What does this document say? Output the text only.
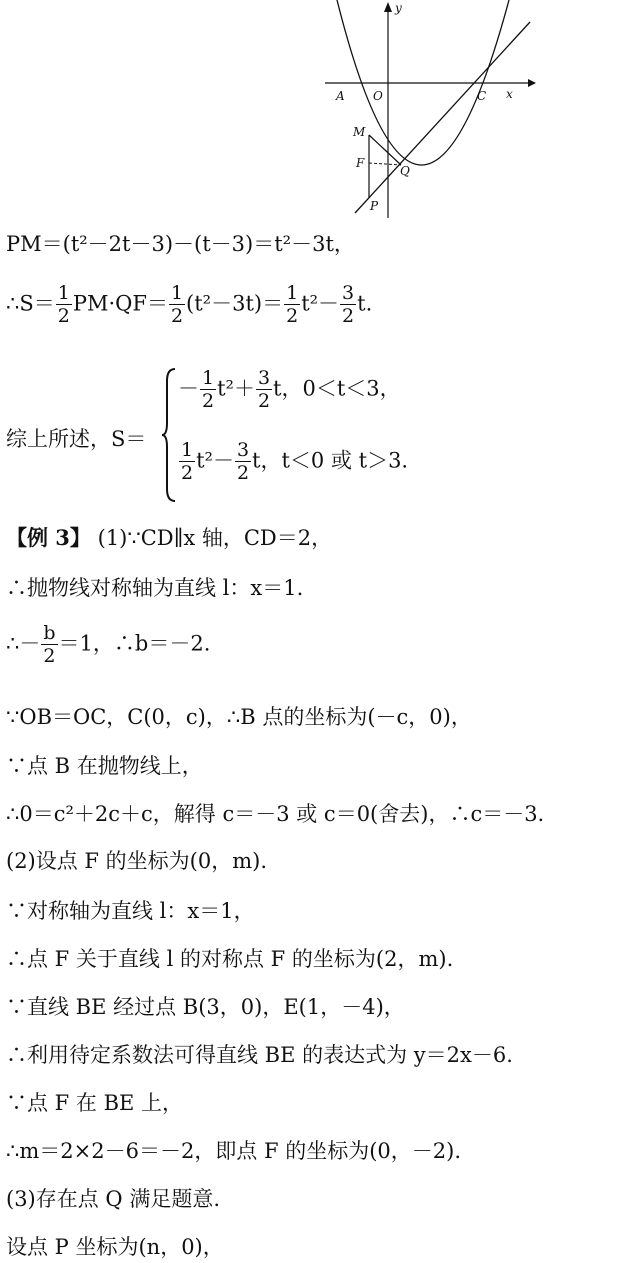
A O	C x
y
M
F
Q
P
PM＝(t²－2t－3)－(t－3)＝t²－3t，
∴S＝ $\frac{1}{2} PM\cdot QF= \frac{1}{2} (t^2-3t)= \frac{1}{2} t^2- \frac{3}{2} t$.
综上所述，S＝
－ $\frac{1}{2} t^2+ \frac{3}{2}$ t，0＜t＜3，
$\frac{1}{2} t^2- \frac{3}{2}$ t，t＜0 或 t＞3.
【例 3】 (1)∵CD∥x 轴，CD＝2，
∴抛物线对称轴为直线 l：x＝1.
∴－ $\frac{b}{2} =1$，∴b＝－2.
∵OB＝OC，C(0，c)，∴B 点的坐标为(－c，0)，
∵点 B 在抛物线上，
∴0＝c²＋2c＋c，解得 c＝－3 或 c＝0(舍去)，∴c＝－3.
(2)设点 F 的坐标为(0，m).
∵对称轴为直线 l：x＝1，
∴点 F 关于直线 l 的对称点 F 的坐标为(2，m).
∵直线 BE 经过点 B(3，0)，E(1，－4)，
∴利用待定系数法可得直线 BE 的表达式为 y＝2x－6.
∵点 F 在 BE 上，
∴m＝2×2－6＝－2，即点 F 的坐标为(0，－2).
(3)存在点 Q 满足题意.
设点 P 坐标为(n，0)，
